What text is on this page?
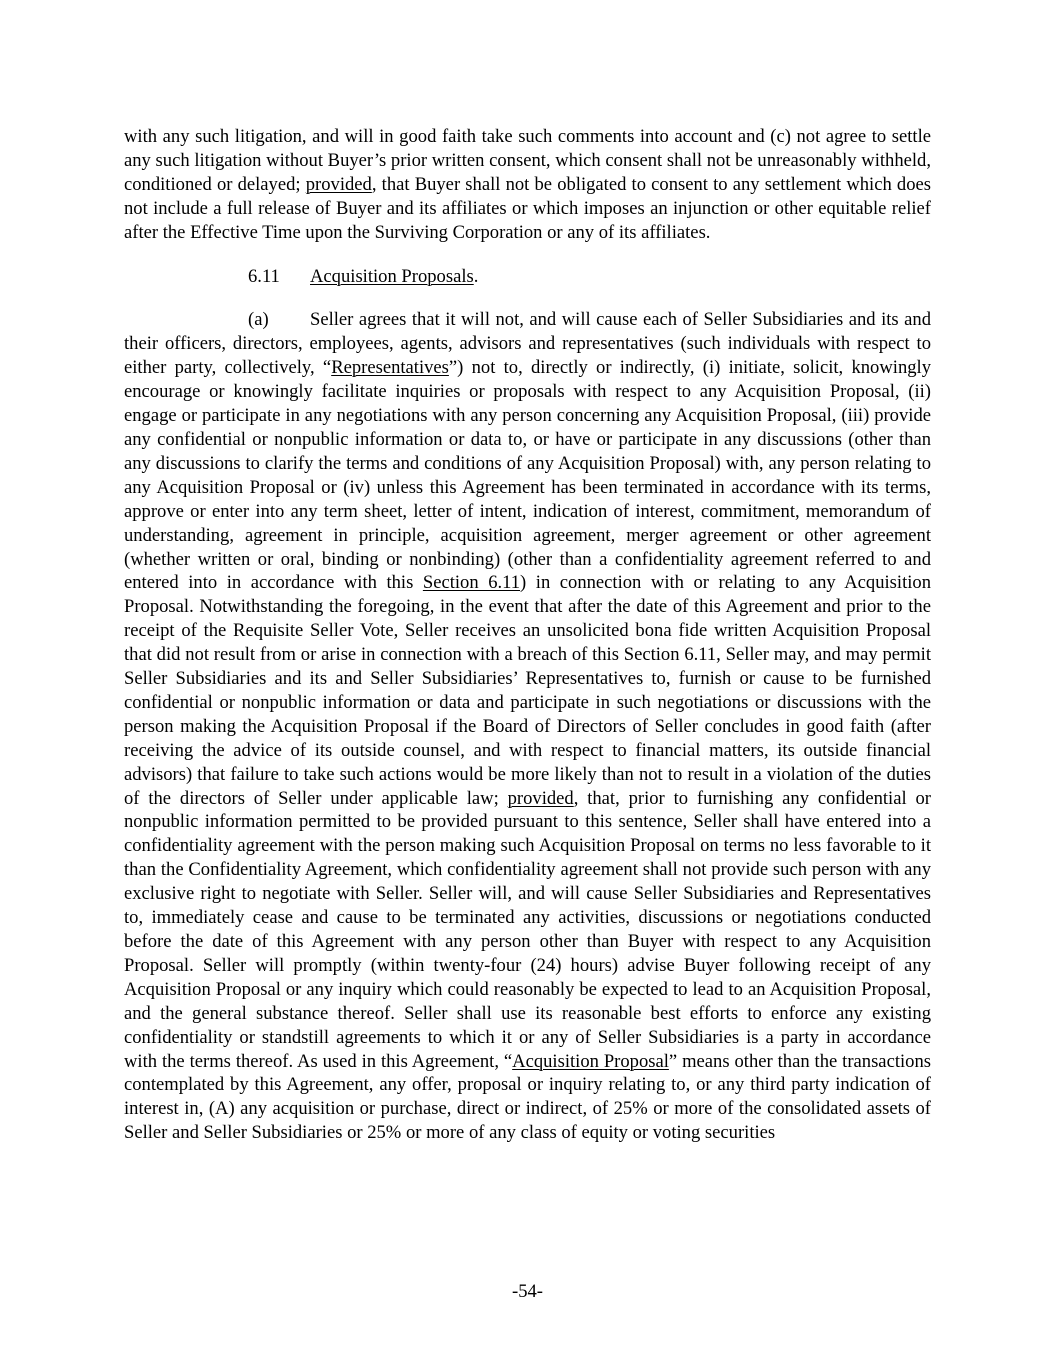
with any such litigation, and will in good faith take such comments into account and (c) not agree to settle any such litigation without Buyer’s prior written consent, which consent shall not be unreasonably withheld, conditioned or delayed; provided, that Buyer shall not be obligated to consent to any settlement which does not include a full release of Buyer and its affiliates or which imposes an injunction or other equitable relief after the Effective Time upon the Surviving Corporation or any of its affiliates.

6.11 Acquisition Proposals.

(a) Seller agrees that it will not, and will cause each of Seller Subsidiaries and its and their officers, directors, employees, agents, advisors and representatives (such individuals with respect to either party, collectively, “Representatives”) not to, directly or indirectly, (i) initiate, solicit, knowingly encourage or knowingly facilitate inquiries or proposals with respect to any Acquisition Proposal, (ii) engage or participate in any negotiations with any person concerning any Acquisition Proposal, (iii) provide any confidential or nonpublic information or data to, or have or participate in any discussions (other than any discussions to clarify the terms and conditions of any Acquisition Proposal) with, any person relating to any Acquisition Proposal or (iv) unless this Agreement has been terminated in accordance with its terms, approve or enter into any term sheet, letter of intent, indication of interest, commitment, memorandum of understanding, agreement in principle, acquisition agreement, merger agreement or other agreement (whether written or oral, binding or nonbinding) (other than a confidentiality agreement referred to and entered into in accordance with this Section 6.11) in connection with or relating to any Acquisition Proposal. Notwithstanding the foregoing, in the event that after the date of this Agreement and prior to the receipt of the Requisite Seller Vote, Seller receives an unsolicited bona fide written Acquisition Proposal that did not result from or arise in connection with a breach of this Section 6.11, Seller may, and may permit Seller Subsidiaries and its and Seller Subsidiaries’ Representatives to, furnish or cause to be furnished confidential or nonpublic information or data and participate in such negotiations or discussions with the person making the Acquisition Proposal if the Board of Directors of Seller concludes in good faith (after receiving the advice of its outside counsel, and with respect to financial matters, its outside financial advisors) that failure to take such actions would be more likely than not to result in a violation of the duties of the directors of Seller under applicable law; provided, that, prior to furnishing any confidential or nonpublic information permitted to be provided pursuant to this sentence, Seller shall have entered into a confidentiality agreement with the person making such Acquisition Proposal on terms no less favorable to it than the Confidentiality Agreement, which confidentiality agreement shall not provide such person with any exclusive right to negotiate with Seller. Seller will, and will cause Seller Subsidiaries and Representatives to, immediately cease and cause to be terminated any activities, discussions or negotiations conducted before the date of this Agreement with any person other than Buyer with respect to any Acquisition Proposal. Seller will promptly (within twenty-four (24) hours) advise Buyer following receipt of any Acquisition Proposal or any inquiry which could reasonably be expected to lead to an Acquisition Proposal, and the general substance thereof. Seller shall use its reasonable best efforts to enforce any existing confidentiality or standstill agreements to which it or any of Seller Subsidiaries is a party in accordance with the terms thereof. As used in this Agreement, “Acquisition Proposal” means other than the transactions contemplated by this Agreement, any offer, proposal or inquiry relating to, or any third party indication of interest in, (A) any acquisition or purchase, direct or indirect, of 25% or more of the consolidated assets of Seller and Seller Subsidiaries or 25% or more of any class of equity or voting securities

-54-
